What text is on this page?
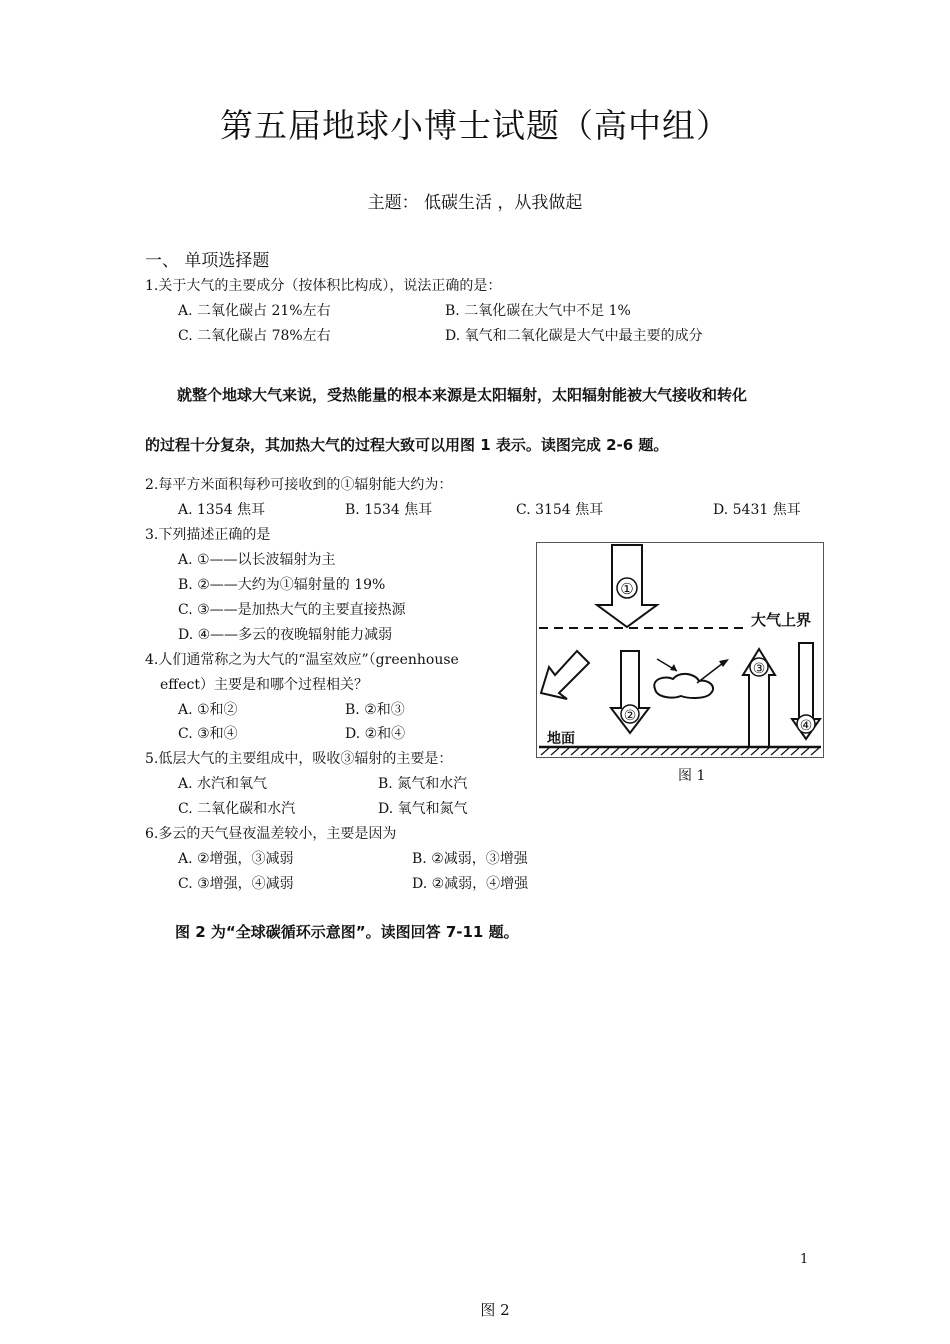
第五届地球小博士试题（高中组）
主题： 低碳生活 ，从我做起
一、 单项选择题
1.关于大气的主要成分（按体积比构成），说法正确的是：
A. 二氧化碳占 21%左右	B. 二氧化碳在大气中不足 1%
C. 二氧化碳占 78%左右	D. 氧气和二氧化碳是大气中最主要的成分
就整个地球大气来说，受热能量的根本来源是太阳辐射，太阳辐射能被大气接收和转化
的过程十分复杂，其加热大气的过程大致可以用图 1 表示。读图完成 2-6 题。
2.每平方米面积每秒可接收到的①辐射能大约为：
A. 1354 焦耳	B. 1534 焦耳	C. 3154 焦耳	D. 5431 焦耳
3.下列描述正确的是
A. ①——以长波辐射为主
B. ②——大约为①辐射量的 19%
C. ③——是加热大气的主要直接热源
D. ④——多云的夜晚辐射能力减弱
4.人们通常称之为大气的“温室效应”（greenhouse
effect）主要是和哪个过程相关？
A. ①和②	B. ②和③
C. ③和④	D. ②和④
5.低层大气的主要组成中，吸收③辐射的主要是：
A. 水汽和氧气	B. 氮气和水汽
C. 二氧化碳和水汽	D. 氧气和氮气
6.多云的天气昼夜温差较小，主要是因为
A. ②增强，③减弱	B. ②减弱，③增强
C. ③增强，④减弱	D. ②减弱，④增强
大气上界
①
②
③
④
地面
图 1
图 2 为“全球碳循环示意图”。读图回答 7-11 题。
1
图 2
